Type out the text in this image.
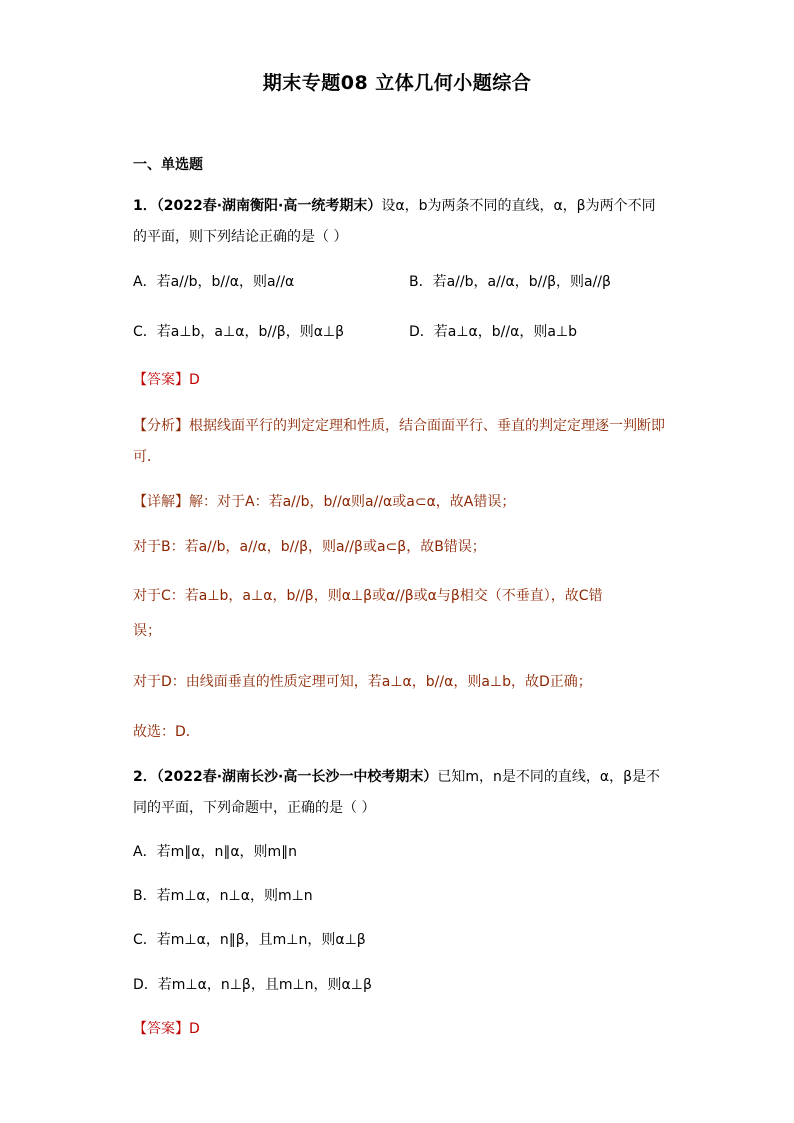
期末专题08 立体几何小题综合
一、单选题
1．（2022春·湖南衡阳·高一统考期末）设α，b为两条不同的直线，α，β为两个不同
的平面，则下列结论正确的是（ ）
A．若a//b，b//α，则a//α	B．若a//b，a//α，b//β，则a//β
C．若a⊥b，a⊥α，b//β，则α⊥β	D．若a⊥α，b//α，则a⊥b
【答案】D
【分析】根据线面平行的判定定理和性质，结合面面平行、垂直的判定定理逐一判断即
可．
【详解】解：对于A：若a//b，b//α则a//α或a⊂α，故A错误；
对于B：若a//b，a//α，b//β，则a//β或a⊂β，故B错误；
对于C：若a⊥b，a⊥α，b//β，则α⊥β或α//β或α与β相交（不垂直），故C错
误；
对于D：由线面垂直的性质定理可知，若a⊥α，b//α，则a⊥b，故D正确；
故选：D．
2．（2022春·湖南长沙·高一长沙一中校考期末）已知m，n是不同的直线，α，β是不
同的平面，下列命题中，正确的是（ ）
A．若m∥α，n∥α，则m∥n
B．若m⊥α，n⊥α，则m⊥n
C．若m⊥α，n∥β，且m⊥n，则α⊥β
D．若m⊥α，n⊥β，且m⊥n，则α⊥β
【答案】D
